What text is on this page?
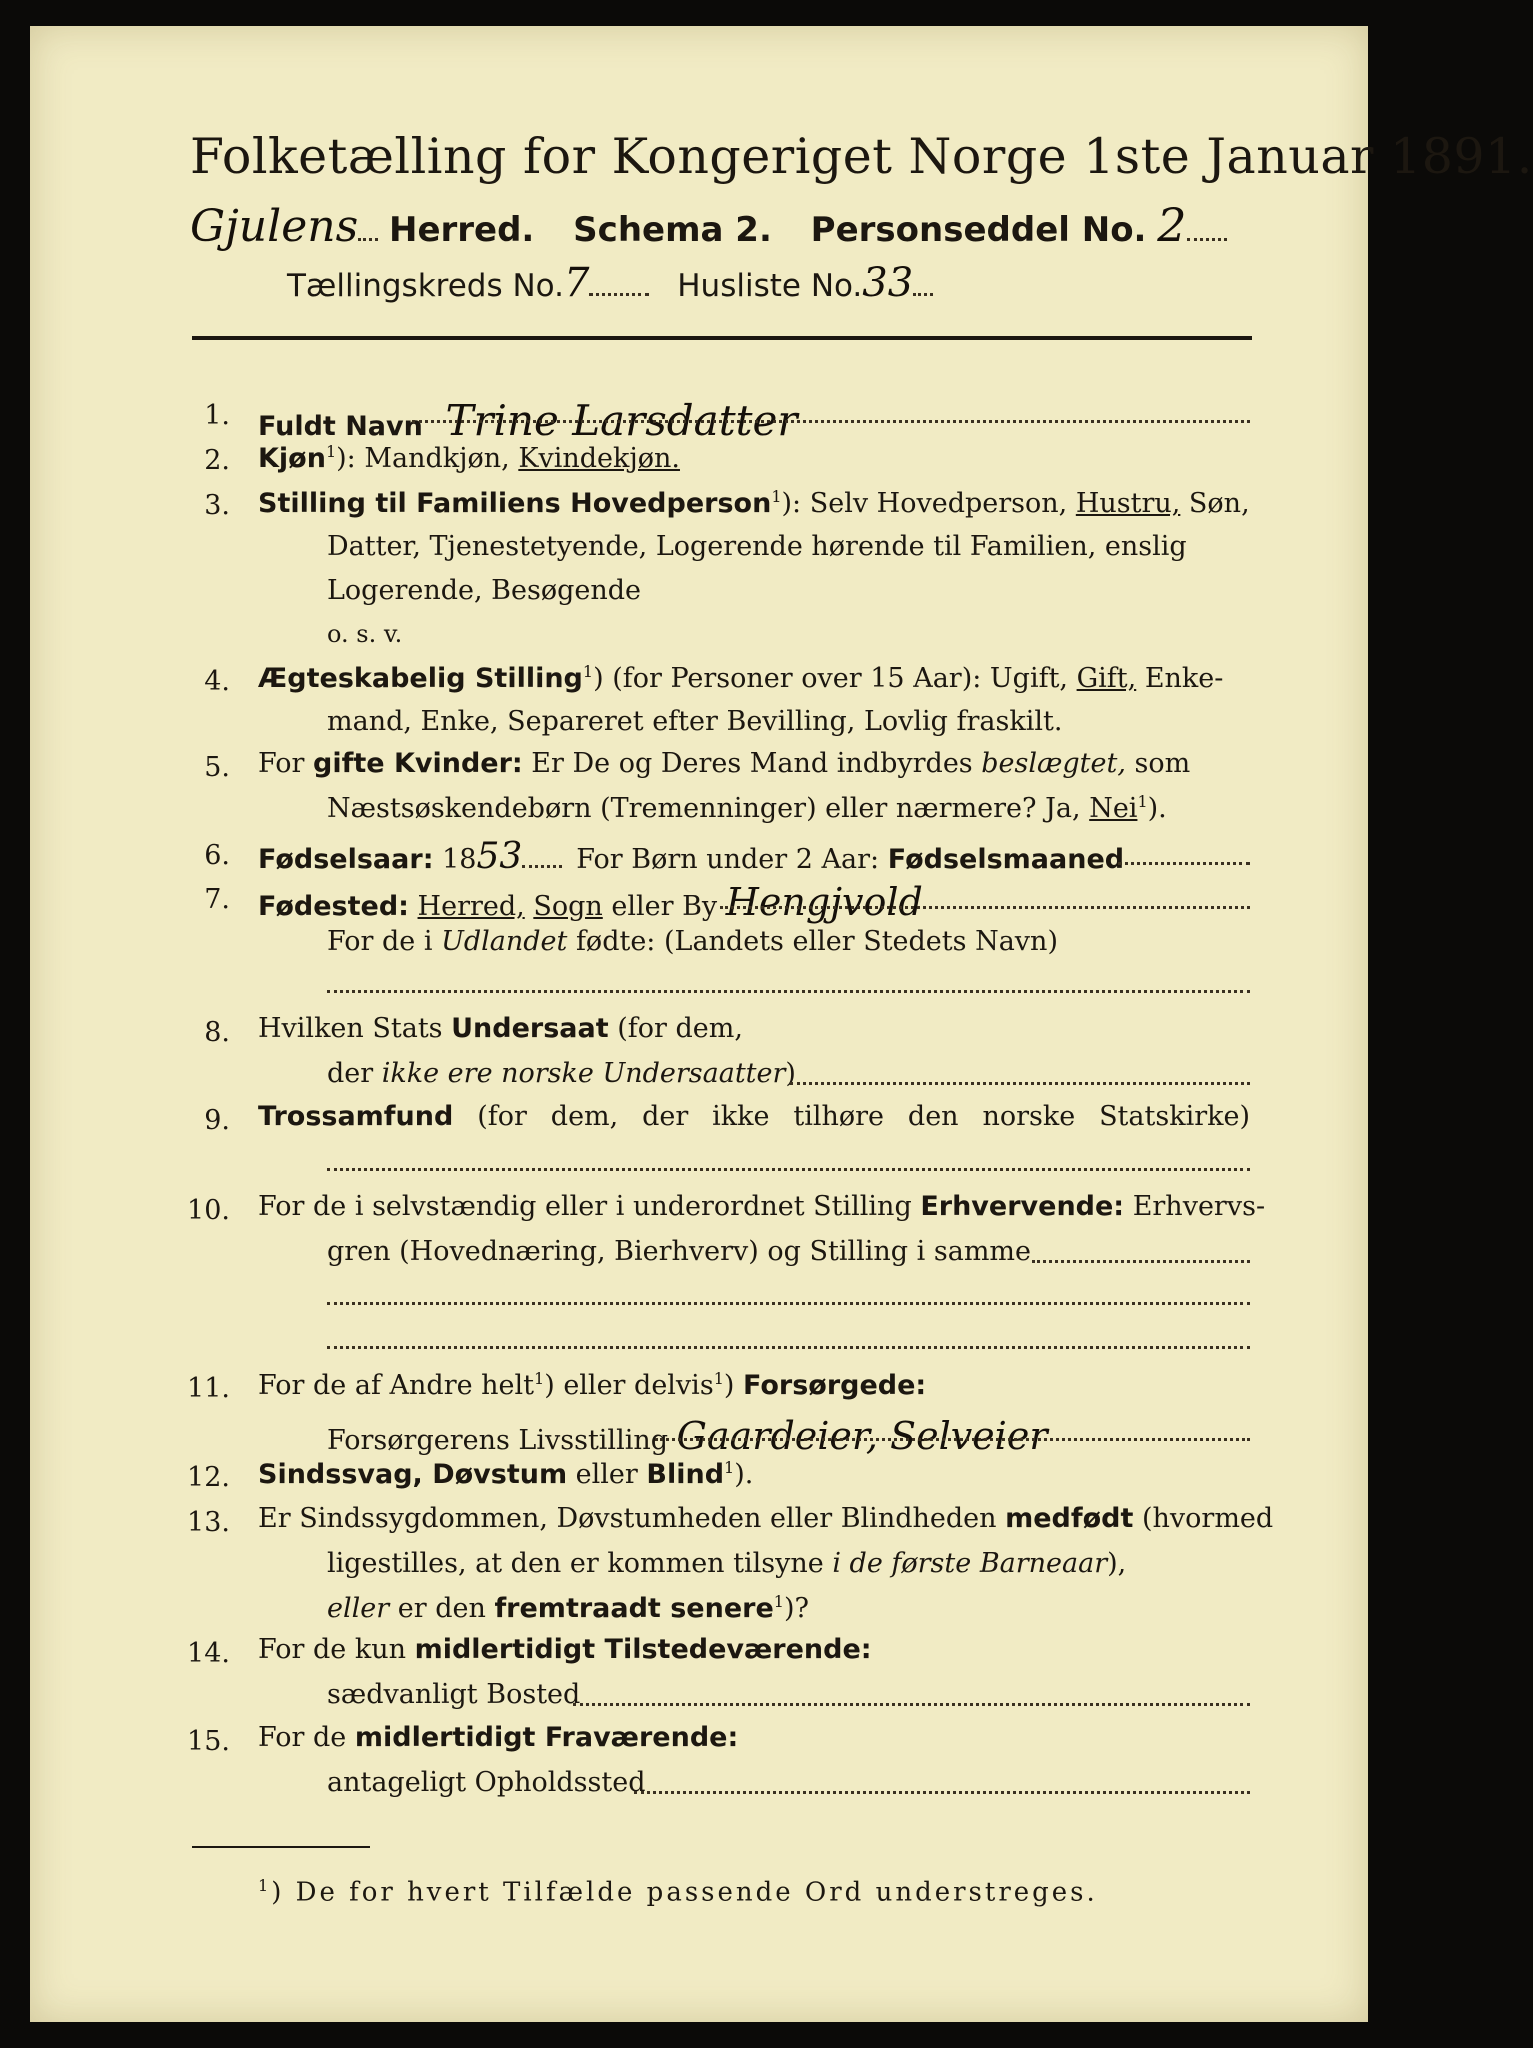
Folketælling for Kongeriget Norge 1ste Januar 1891.
Gjulens Herred. Schema 2. Personseddel No. 2
Tællingskreds No.7	Husliste No.33
1. Fuldt Navn Trine Larsdatter
2. Kjøn$^1$): Mandkjøn, Kvindekjøn.
3. Stilling til Familiens Hovedperson$^1$): Selv Hovedperson, Hustru, Søn,
Datter, Tjenestetyende, Logerende hørende til Familien, enslig
Logerende, Besøgende
o. s. v.
4. Ægteskabelig Stilling$^1$) (for Personer over 15 Aar): Ugift, Gift, Enke-
mand, Enke, Separeret efter Bevilling, Lovlig fraskilt.
5. For gifte Kvinder: Er De og Deres Mand indbyrdes beslægtet, som
Næstsøskendebørn (Tremenninger) eller nærmere? Ja, Nei$^1$).
6. Fødselsaar: 1853 For Børn under 2 Aar: Fødselsmaaned
7. Fødested: Herred, Sogn eller By Hengjvold
For de i Udlandet fødte: (Landets eller Stedets Navn)
8. Hvilken Stats Undersaat (for dem,
der ikke ere norske Undersaatter)
9. Trossamfund (for dem, der ikke tilhøre den norske Statskirke)
10. For de i selvstændig eller i underordnet Stilling Erhvervende: Erhvervs-
gren (Hovednæring, Bierhverv) og Stilling i samme
11. For de af Andre helt$^1$) eller delvis$^1$) Forsørgede:
Forsørgerens Livsstilling Gaardeier, Selveier
12. Sindssvag, Døvstum eller Blind$^1$).
13. Er Sindssygdommen, Døvstumheden eller Blindheden medfødt (hvormed
ligestilles, at den er kommen tilsyne i de første Barneaar),
eller er den fremtraadt senere$^1$)?
14. For de kun midlertidigt Tilstedeværende:
sædvanligt Bosted
15. For de midlertidigt Fraværende:
antageligt Opholdssted
$^1$) De for hvert Tilfælde passende Ord understreges.
